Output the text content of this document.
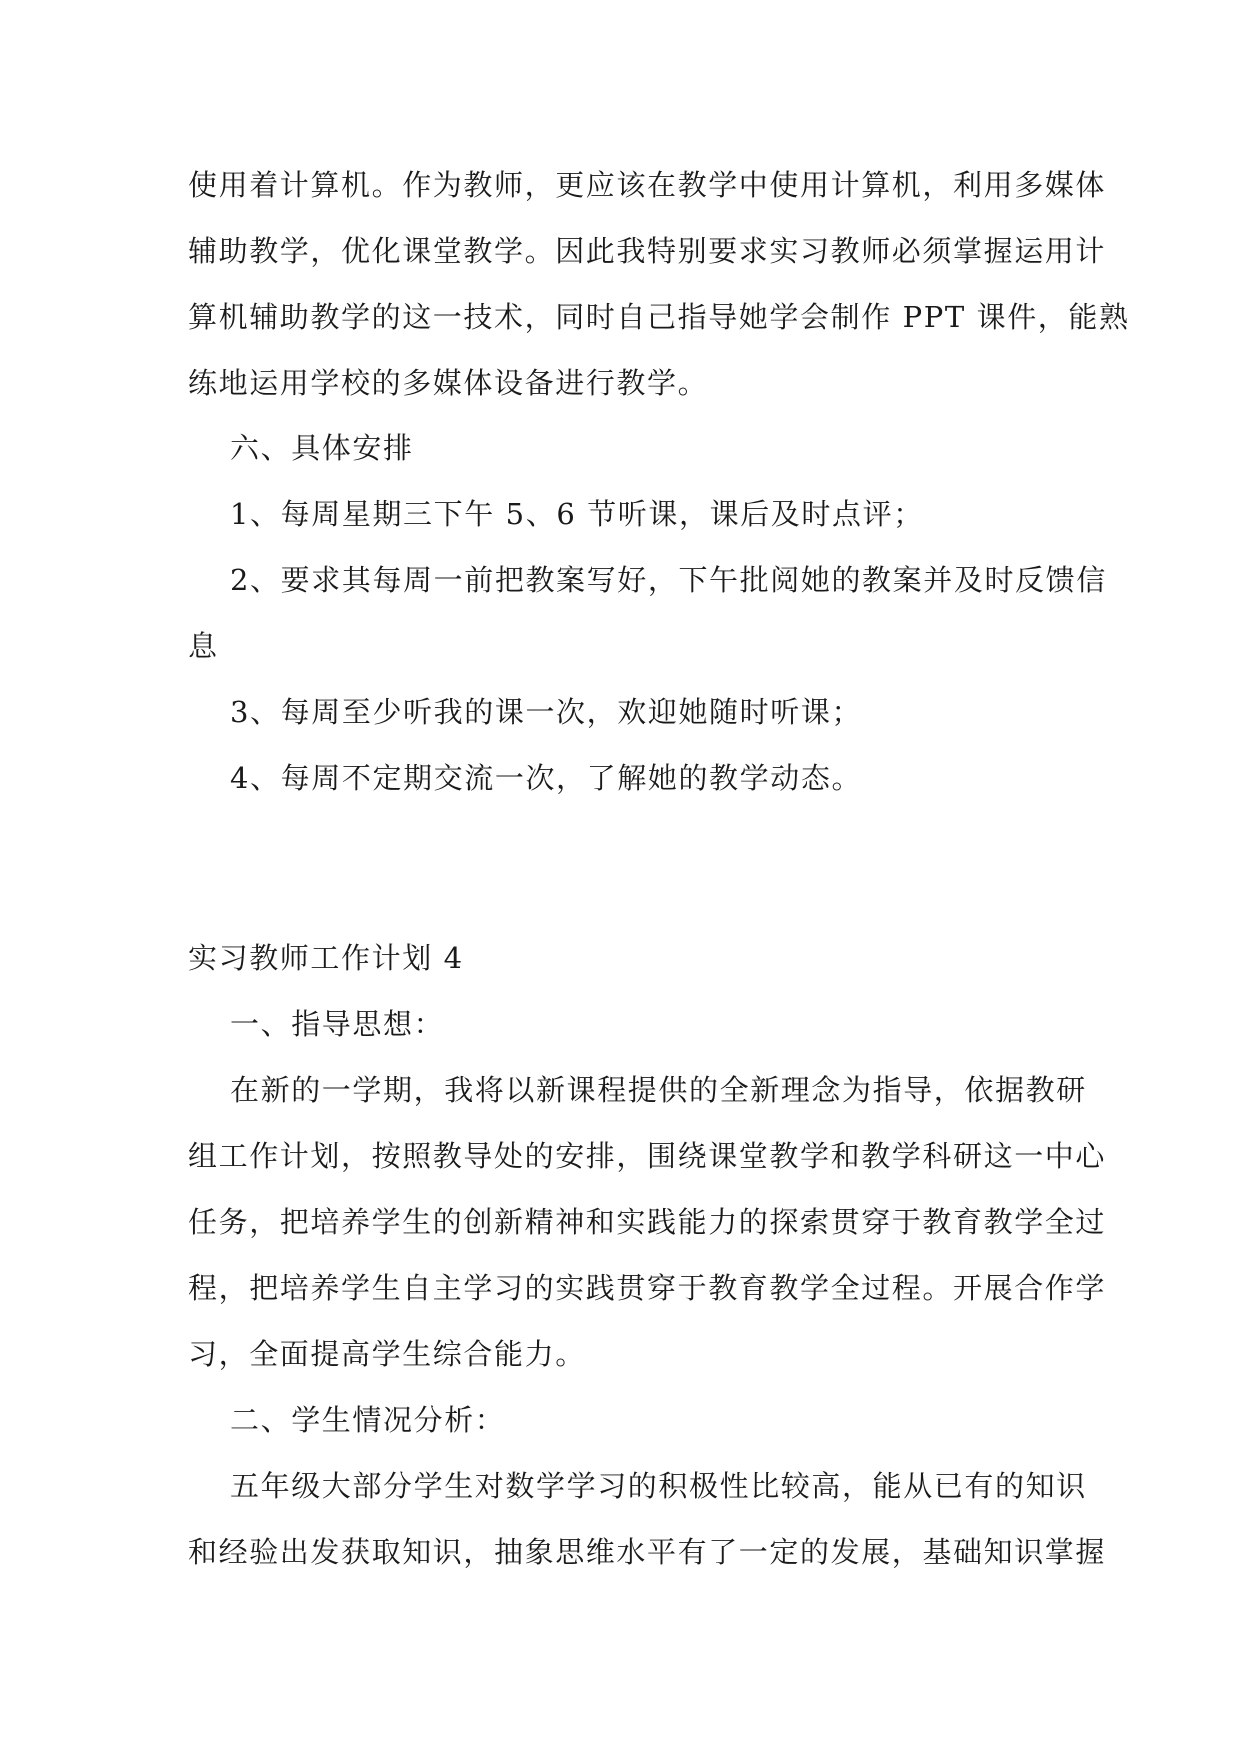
使用着计算机。作为教师，更应该在教学中使用计算机，利用多媒体
辅助教学，优化课堂教学。因此我特别要求实习教师必须掌握运用计
算机辅助教学的这一技术，同时自己指导她学会制作 PPT 课件，能熟
练地运用学校的多媒体设备进行教学。
六、具体安排
1、每周星期三下午 5、6 节听课，课后及时点评；
2、要求其每周一前把教案写好，下午批阅她的教案并及时反馈信
息
3、每周至少听我的课一次，欢迎她随时听课；
4、每周不定期交流一次，了解她的教学动态。
实习教师工作计划 4
一、指导思想：
在新的一学期，我将以新课程提供的全新理念为指导，依据教研
组工作计划，按照教导处的安排，围绕课堂教学和教学科研这一中心
任务，把培养学生的创新精神和实践能力的探索贯穿于教育教学全过
程，把培养学生自主学习的实践贯穿于教育教学全过程。开展合作学
习，全面提高学生综合能力。
二、学生情况分析：
五年级大部分学生对数学学习的积极性比较高，能从已有的知识
和经验出发获取知识，抽象思维水平有了一定的发展，基础知识掌握
